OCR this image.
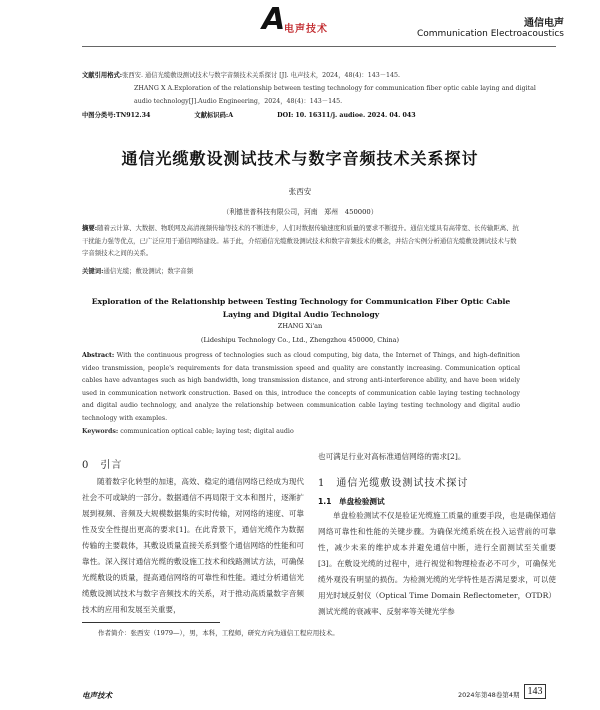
A
电声技术
通信电声
Communication Electroacoustics
文献引用格式:张西安. 通信光缆敷设测试技术与数字音频技术关系探讨 [J]. 电声技术，2024，48(4)：143－145.
ZHANG X A.Exploration of the relationship between testing technology for communication fiber optic cable laying and digital
audio technology[J].Audio Engineering，2024，48(4)：143－145.
中图分类号:TN912.34	文献标识码:A	DOI: 10. 16311/j. audioe. 2024. 04. 043
通信光缆敷设测试技术与数字音频技术关系探讨
张西安
（利德世普科技有限公司，河南　郑州　450000）
摘要:随着云计算、大数据、物联网及高清视频传输等技术的不断进步，人们对数据传输速度和质量的要求不断提升。通信光缆具有高带宽、长传输距离、抗干扰能力强等优点，已广泛应用于通信网络建设。基于此，介绍通信光缆敷设测试技术和数字音频技术的概念，并结合实例分析通信光缆敷设测试技术与数字音频技术之间的关系。
关键词:通信光缆；敷设测试；数字音频
Exploration of the Relationship between Testing Technology for Communication Fiber Optic Cable Laying and Digital Audio Technology
ZHANG Xi'an
(Lideshipu Technology Co., Ltd., Zhengzhou 450000, China)
Abstract: With the continuous progress of technologies such as cloud computing, big data, the Internet of Things, and high-definition video transmission, people's requirements for data transmission speed and quality are constantly increasing. Communication optical cables have advantages such as high bandwidth, long transmission distance, and strong anti-interference ability, and have been widely used in communication network construction. Based on this, introduce the concepts of communication cable laying testing technology and digital audio technology, and analyze the relationship between communication cable laying testing technology and digital audio technology with examples.
Keywords: communication optical cable; laying test; digital audio
0　引言
随着数字化转型的加速，高效、稳定的通信网络已经成为现代社会不可或缺的一部分。数据通信不再局限于文本和图片，逐渐扩展到视频、音频及大规模数据集的实时传输，对网络的速度、可靠性及安全性提出更高的要求[1]。在此背景下，通信光缆作为数据传输的主要载体，其敷设质量直接关系到整个通信网络的性能和可靠性。深入探讨通信光缆的敷设施工技术和线路测试方法，可确保光缆敷设的质量，提高通信网络的可靠性和性能。通过分析通信光缆敷设测试技术与数字音频技术的关系，对于推动高质量数字音频技术的应用和发展至关重要，
也可满足行业对高标准通信网络的需求[2]。
1　通信光缆敷设测试技术探讨
1.1　单盘检验测试
单盘检验测试不仅是验证光缆施工质量的重要手段，也是确保通信网络可靠性和性能的关键步骤。为确保光缆系统在投入运营前的可靠性，减少未来的维护成本并避免通信中断，进行全面测试至关重要[3]。在敷设光缆的过程中，进行视觉和物理检查必不可少，可确保光缆外观没有明显的损伤。为检测光缆的光学特性是否满足要求，可以使用光时域反射仪（Optical Time Domain Reflectometer，OTDR）测试光缆的衰减率、反射率等关键光学参
作者简介：张西安（1979—），男，本科，工程师，研究方向为通信工程应用技术。
电声技术	2024年第48卷第4期 143
